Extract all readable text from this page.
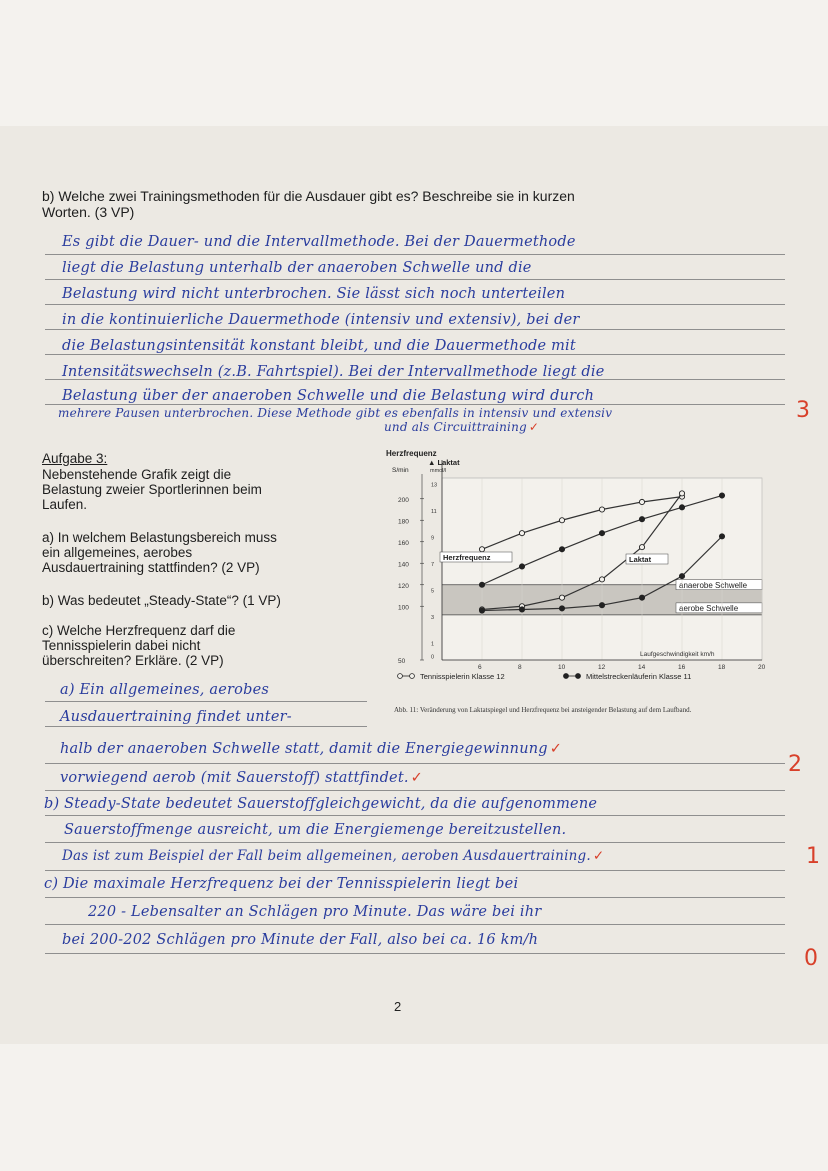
b) Welche zwei Trainingsmethoden für die Ausdauer gibt es? Beschreibe sie in kurzen
Worten. (3 VP)
Es gibt die Dauer- und die Intervallmethode. Bei der Dauermethode
liegt die Belastung unterhalb der anaeroben Schwelle und die
Belastung wird nicht unterbrochen. Sie lässt sich noch unterteilen
in die kontinuierliche Dauermethode (intensiv und extensiv), bei der
die Belastungsintensität konstant bleibt, und die Dauermethode mit
Intensitätswechseln (z.B. Fahrtspiel). Bei der Intervallmethode liegt die
Belastung über der anaeroben Schwelle und die Belastung wird durch
mehrere Pausen unterbrochen. Diese Methode gibt es ebenfalls in intensiv und extensiv
und als Circuittraining ✓
3
Aufgabe 3:
Nebenstehende Grafik zeigt die
Belastung zweier Sportlerinnen beim
Laufen.
a) In welchem Belastungsbereich muss
ein allgemeines, aerobes
Ausdauertraining stattfinden? (2 VP)
b) Was bedeutet „Steady-State“? (1 VP)
c) Welche Herzfrequenz darf die
Tennisspielerin dabei nicht
überschreiten? Erkläre. (2 VP)
anaerobe Schwelle
aerobe Schwelle
Herzfrequenz
S/min
▲ Laktat
mmol/l
50
100
120
140
160
180
200
0
1
3
5
7
9
11
13
6	8	10	12	14	16	18	20
Laufgeschwindigkeit km/h
Herzfrequenz	Laktat
Tennisspielerin Klasse 12	Mittelstreckenläuferin Klasse 11
Abb. 11: Veränderung von Laktatspiegel und Herzfrequenz bei ansteigender Belastung auf dem Laufband.
a) Ein allgemeines, aerobes
Ausdauertraining findet unter-
halb der anaeroben Schwelle statt, damit die Energiegewinnung ✓
vorwiegend aerob (mit Sauerstoff) stattfindet. ✓
b) Steady-State bedeutet Sauerstoffgleichgewicht, da die aufgenommene
Sauerstoffmenge ausreicht, um die Energiemenge bereitzustellen.
Das ist zum Beispiel der Fall beim allgemeinen, aeroben Ausdauertraining. ✓
c) Die maximale Herzfrequenz bei der Tennisspielerin liegt bei
220 - Lebensalter an Schlägen pro Minute. Das wäre bei ihr
bei 200-202 Schlägen pro Minute der Fall, also bei ca. 16 km/h
2
1
0
2
